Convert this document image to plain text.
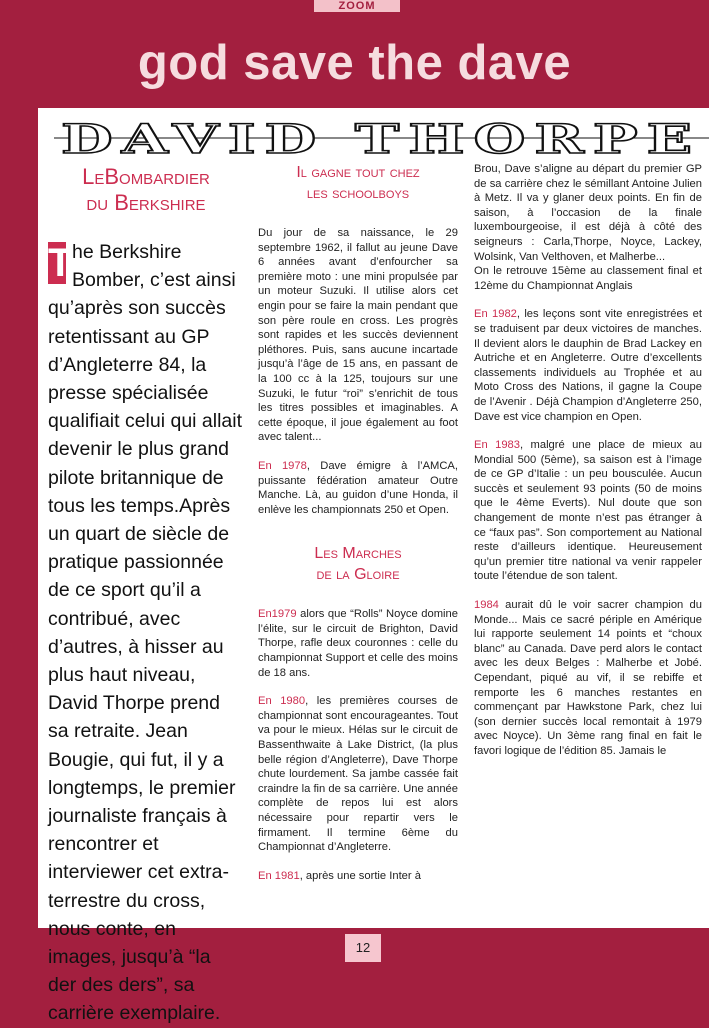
ZOOM
god save the dave
DAVID THORPE
LeBombardier
du Berkshire
T he Berkshire Bomber, c’est ainsi qu’après son succès retentissant au GP d’Angleterre 84, la presse spécialisée qualifiait celui qui allait devenir le plus grand pilote britannique de tous les temps.Après un quart de siècle de pratique passionnée de ce sport qu’il a contribué, avec d’autres, à hisser au plus haut niveau, David Thorpe prend sa retraite. Jean Bougie, qui fut, il y a longtemps, le premier journaliste français à rencontrer et interviewer cet extra-terrestre du cross, nous conte, en images, jusqu’à “la der des ders”, sa carrière exemplaire.
Il gagne tout chez
les schoolboys

Du jour de sa naissance, le 29 septembre 1962, il fallut au jeune Dave 6 années avant d’enfourcher sa première moto : une mini propulsée par un moteur Suzuki. Il utilise alors cet engin pour se faire la main pendant que son père roule en cross. Les progrès sont rapides et les succès deviennent pléthores. Puis, sans aucune incartade jusqu’à l’âge de 15 ans, en passant de la 100 cc à la 125, toujours sur une Suzuki, le futur “roi” s’enrichit de tous les titres possibles et imaginables. A cette époque, il joue également au foot avec talent...

En 1978, Dave émigre à l’AMCA, puissante fédération amateur Outre Manche. Là, au guidon d’une Honda, il enlève les championnats 250 et Open.

Les Marches
de la Gloire

En1979 alors que “Rolls” Noyce domine l’élite, sur le circuit de Brighton, David Thorpe, rafle deux couronnes : celle du championnat Support et celle des moins de 18 ans.

En 1980, les premières courses de championnat sont encourageantes. Tout va pour le mieux. Hélas sur le circuit de Bassenthwaite à Lake District, (la plus belle région d’Angleterre), Dave Thorpe chute lourdement. Sa jambe cassée fait craindre la fin de sa carrière. Une année complète de repos lui est alors nécessaire pour repartir vers le firmament. Il termine 6ème du Championnat d’Angleterre.

En 1981, après une sortie Inter à

Brou, Dave s’aligne au départ du premier GP de sa carrière chez le sémillant Antoine Julien à Metz. Il va y glaner deux points. En fin de saison, à l’occasion de la finale luxembourgeoise, il est déjà à côté des seigneurs : Carla,Thorpe, Noyce, Lackey, Wolsink, Van Velthoven, et Malherbe...
On le retrouve 15ème au classement final et 12ème du Championnat Anglais

En 1982, les leçons sont vite enregistrées et se traduisent par deux victoires de manches. Il devient alors le dauphin de Brad Lackey en Autriche et en Angleterre. Outre d’excellents classements individuels au Trophée et au Moto Cross des Nations, il gagne la Coupe de l’Avenir . Déjà Champion d’Angleterre 250, Dave est vice champion en Open.

En 1983, malgré une place de mieux au Mondial 500 (5ème), sa saison est à l’image de ce GP d’Italie : un peu bousculée. Aucun succès et seulement 93 points (50 de moins que le 4ème Everts). Nul doute que son changement de monte n’est pas étranger à ce “faux pas”. Son comportement au National reste d’ailleurs identique. Heureusement qu’un premier titre national va venir rappeler toute l’étendue de son talent.

1984 aurait dû le voir sacrer champion du Monde... Mais ce sacré périple en Amérique lui rapporte seulement 14 points et “choux blanc” au Canada. Dave perd alors le contact avec les deux Belges : Malherbe et Jobé. Cependant, piqué au vif, il se rebiffe et remporte les 6 manches restantes en commençant par Hawkstone Park, chez lui (son dernier succès local remontait à 1979 avec Noyce). Un 3ème rang final en fait le favori logique de l’édition 85. Jamais le

12
